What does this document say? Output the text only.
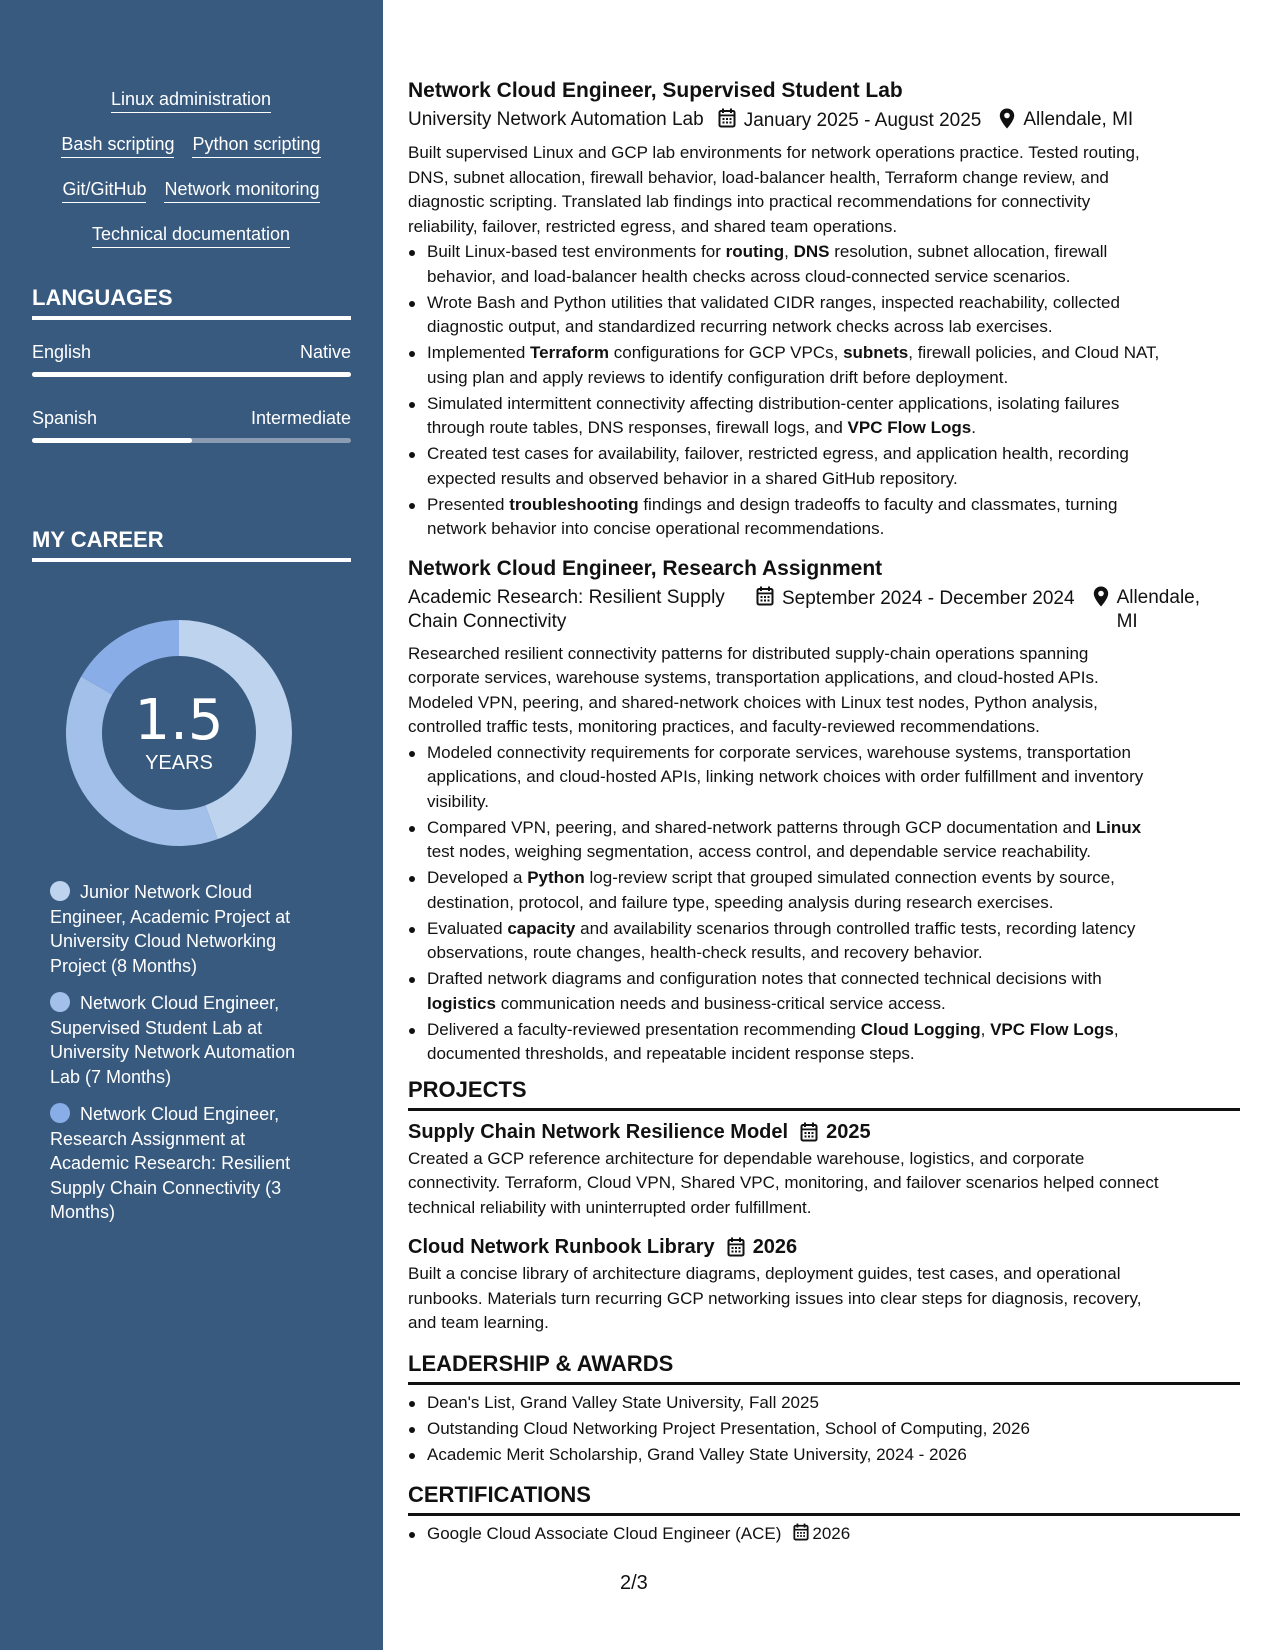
Linux administration
Bash scripting Python scripting
Git/GitHub Network monitoring
Technical documentation
LANGUAGES
English	Native
Spanish	Intermediate
MY CAREER
1.5
YEARS
Junior Network Cloud Engineer, Academic Project at University Cloud Networking Project (8 Months)
Network Cloud Engineer, Supervised Student Lab at University Network Automation Lab (7 Months)
Network Cloud Engineer, Research Assignment at Academic Research: Resilient Supply Chain Connectivity (3 Months)
Network Cloud Engineer, Supervised Student Lab
University Network Automation Lab	January 2025 - August 2025 Allendale, MI
Built supervised Linux and GCP lab environments for network operations practice. Tested routing,
DNS, subnet allocation, firewall behavior, load-balancer health, Terraform change review, and
diagnostic scripting. Translated lab findings into practical recommendations for connectivity
reliability, failover, restricted egress, and shared team operations.
Built Linux-based test environments for routing, DNS resolution, subnet allocation, firewall
behavior, and load-balancer health checks across cloud-connected service scenarios.
Wrote Bash and Python utilities that validated CIDR ranges, inspected reachability, collected
diagnostic output, and standardized recurring network checks across lab exercises.
Implemented Terraform configurations for GCP VPCs, subnets, firewall policies, and Cloud NAT,
using plan and apply reviews to identify configuration drift before deployment.
Simulated intermittent connectivity affecting distribution-center applications, isolating failures
through route tables, DNS responses, firewall logs, and VPC Flow Logs.
Created test cases for availability, failover, restricted egress, and application health, recording
expected results and observed behavior in a shared GitHub repository.
Presented troubleshooting findings and design tradeoffs to faculty and classmates, turning
network behavior into concise operational recommendations.
Network Cloud Engineer, Research Assignment
Academic Research: Resilient Supply
Chain Connectivity
September 2024 - December 2024 Allendale,
MI
Researched resilient connectivity patterns for distributed supply-chain operations spanning
corporate services, warehouse systems, transportation applications, and cloud-hosted APIs.
Modeled VPN, peering, and shared-network choices with Linux test nodes, Python analysis,
controlled traffic tests, monitoring practices, and faculty-reviewed recommendations.
Modeled connectivity requirements for corporate services, warehouse systems, transportation
applications, and cloud-hosted APIs, linking network choices with order fulfillment and inventory
visibility.
Compared VPN, peering, and shared-network patterns through GCP documentation and Linux
test nodes, weighing segmentation, access control, and dependable service reachability.
Developed a Python log-review script that grouped simulated connection events by source,
destination, protocol, and failure type, speeding analysis during research exercises.
Evaluated capacity and availability scenarios through controlled traffic tests, recording latency
observations, route changes, health-check results, and recovery behavior.
Drafted network diagrams and configuration notes that connected technical decisions with
logistics communication needs and business-critical service access.
Delivered a faculty-reviewed presentation recommending Cloud Logging, VPC Flow Logs,
documented thresholds, and repeatable incident response steps.
PROJECTS
Supply Chain Network Resilience Model 2025
Created a GCP reference architecture for dependable warehouse, logistics, and corporate
connectivity. Terraform, Cloud VPN, Shared VPC, monitoring, and failover scenarios helped connect
technical reliability with uninterrupted order fulfillment.
Cloud Network Runbook Library 2026
Built a concise library of architecture diagrams, deployment guides, test cases, and operational
runbooks. Materials turn recurring GCP networking issues into clear steps for diagnosis, recovery,
and team learning.
LEADERSHIP & AWARDS
Dean's List, Grand Valley State University, Fall 2025
Outstanding Cloud Networking Project Presentation, School of Computing, 2026
Academic Merit Scholarship, Grand Valley State University, 2024 - 2026
CERTIFICATIONS
Google Cloud Associate Cloud Engineer (ACE) 2026
2/3
